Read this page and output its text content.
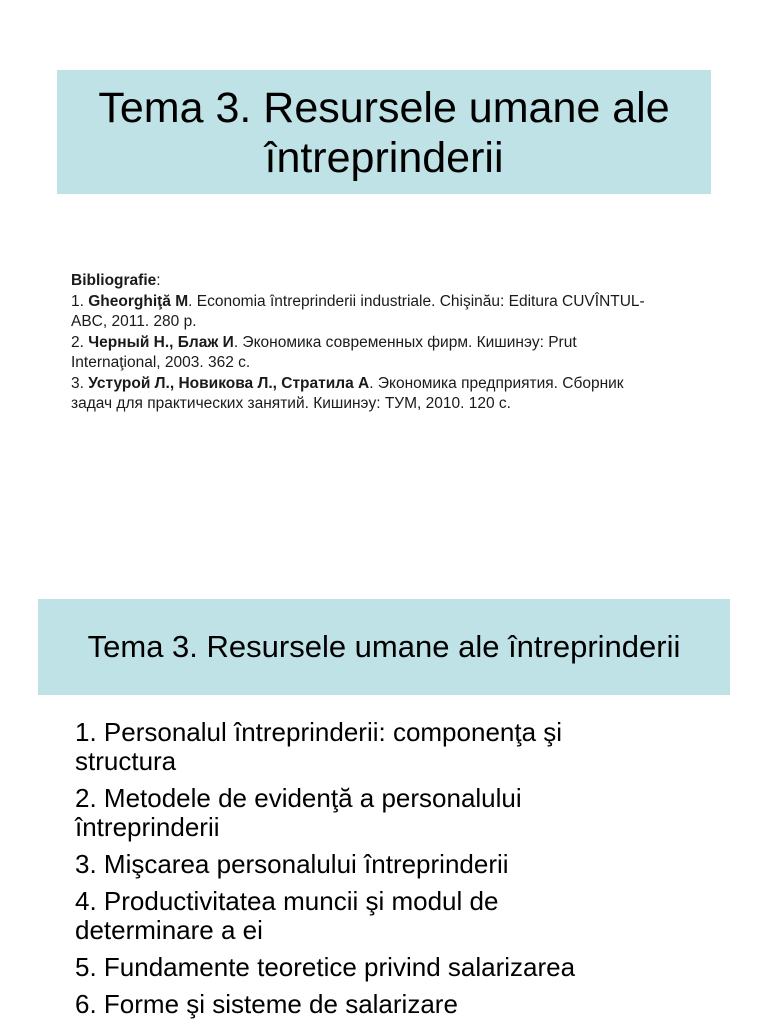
Tema 3. Resursele umane ale
întreprinderii
Bibliografie:
1. Gheorghiţă M. Economia întreprinderii industriale. Chişinău: Editura CUVÎNTUL-
ABC, 2011. 280 p.
2. Черный Н., Блаж И. Экономика современных фирм. Кишинэу: Prut
Internaţional, 2003. 362 с.
3. Устурой Л., Новикова Л., Стратила А. Экономика предприятия. Сборник
задач для практических занятий. Кишинэу: ТУМ, 2010. 120 с.
Tema 3. Resursele umane ale întreprinderii
1. Personalul întreprinderii: componenţa şi
structura
2. Metodele de evidenţă a personalului
întreprinderii
3. Mişcarea personalului întreprinderii
4. Productivitatea muncii şi modul de
determinare a ei
5. Fundamente teoretice privind salarizarea
6. Forme şi sisteme de salarizare
